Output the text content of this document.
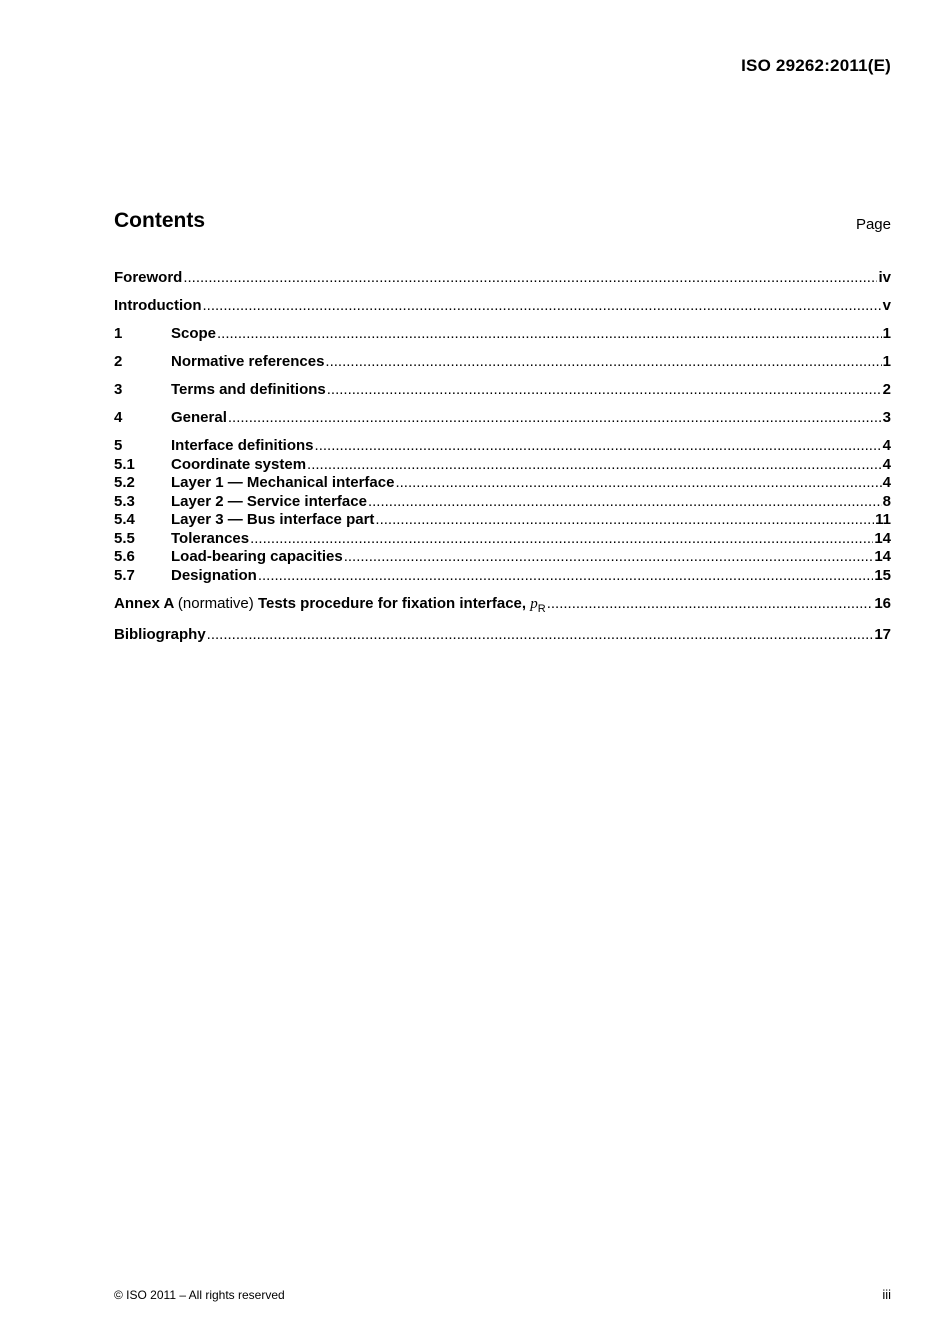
ISO 29262:2011(E)
Contents	Page
Foreword .....	iv
Introduction .....	v
1	Scope .....	1
2	Normative references .....	1
3	Terms and definitions .....	2
4	General .....	3
5	Interface definitions .....	4
5.1	Coordinate system .....	4
5.2	Layer 1 — Mechanical interface .....	4
5.3	Layer 2 — Service interface .....	8
5.4	Layer 3 — Bus interface part .....	11
5.5	Tolerances .....	14
5.6	Load-bearing capacities .....	14
5.7	Designation .....	15
Annex A (normative) Tests procedure for fixation interface, $p_R$ .....	16
Bibliography .....	17
© ISO 2011 – All rights reserved	iii
